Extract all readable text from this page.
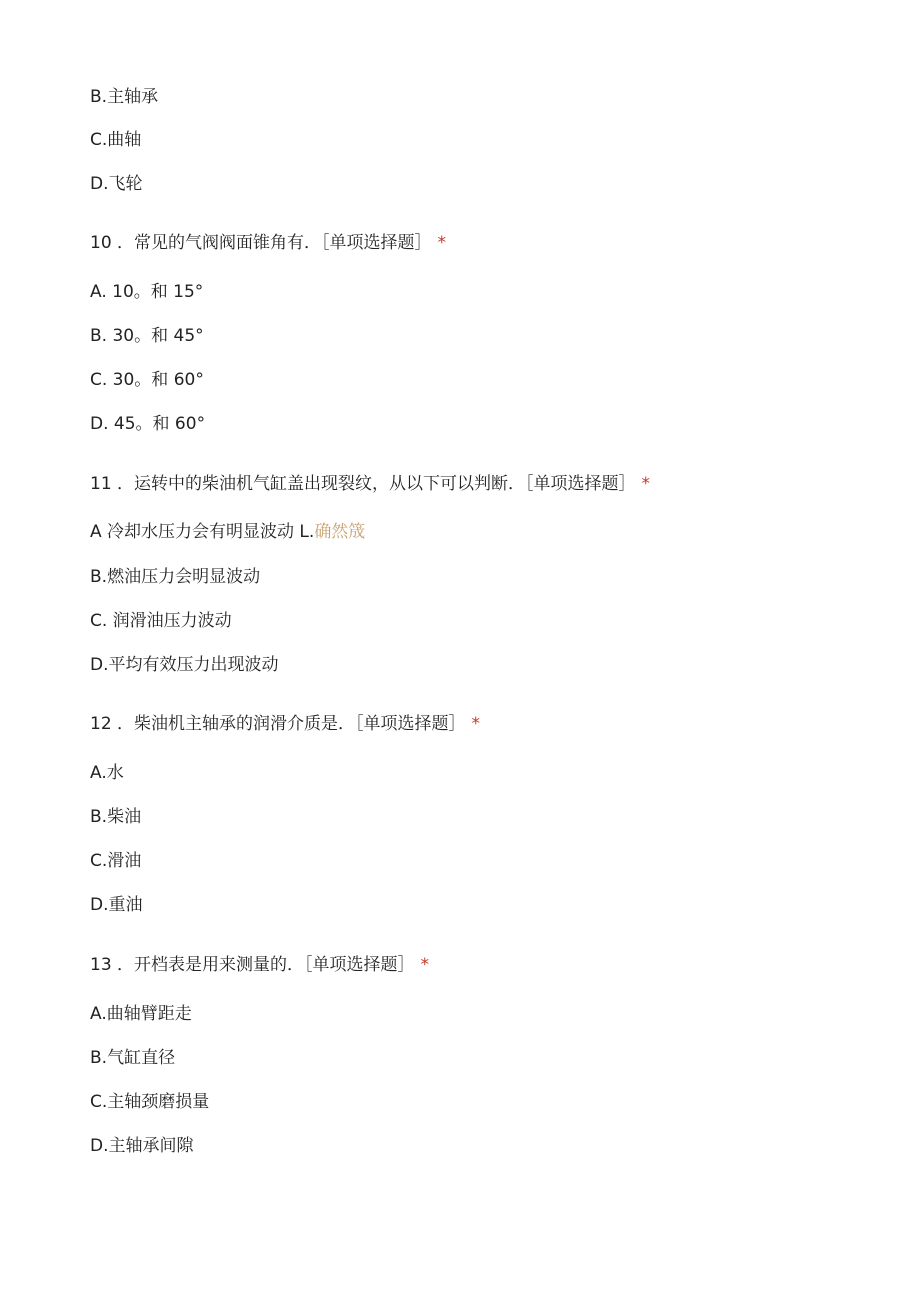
B.主轴承
C.曲轴
D.飞轮
10 ．常见的气阀阀面锥角有．［单项选择题］ *
A. 10。和 15°
B. 30。和 45°
C. 30。和 60°
D. 45。和 60°
11 ．运转中的柴油机气缸盖出现裂纹，从以下可以判断．［单项选择题］ *
A 冷却水压力会有明显波动 L.确然筬
B.燃油压力会明显波动
C. 润滑油压力波动
D.平均有效压力出现波动
12 ．柴油机主轴承的润滑介质是．［单项选择题］ *
A.水
B.柴油
C.滑油
D.重油
13 ．开档表是用来测量的．［单项选择题］ *
A.曲轴臂距走
B.气缸直径
C.主轴颈磨损量
D.主轴承间隙
